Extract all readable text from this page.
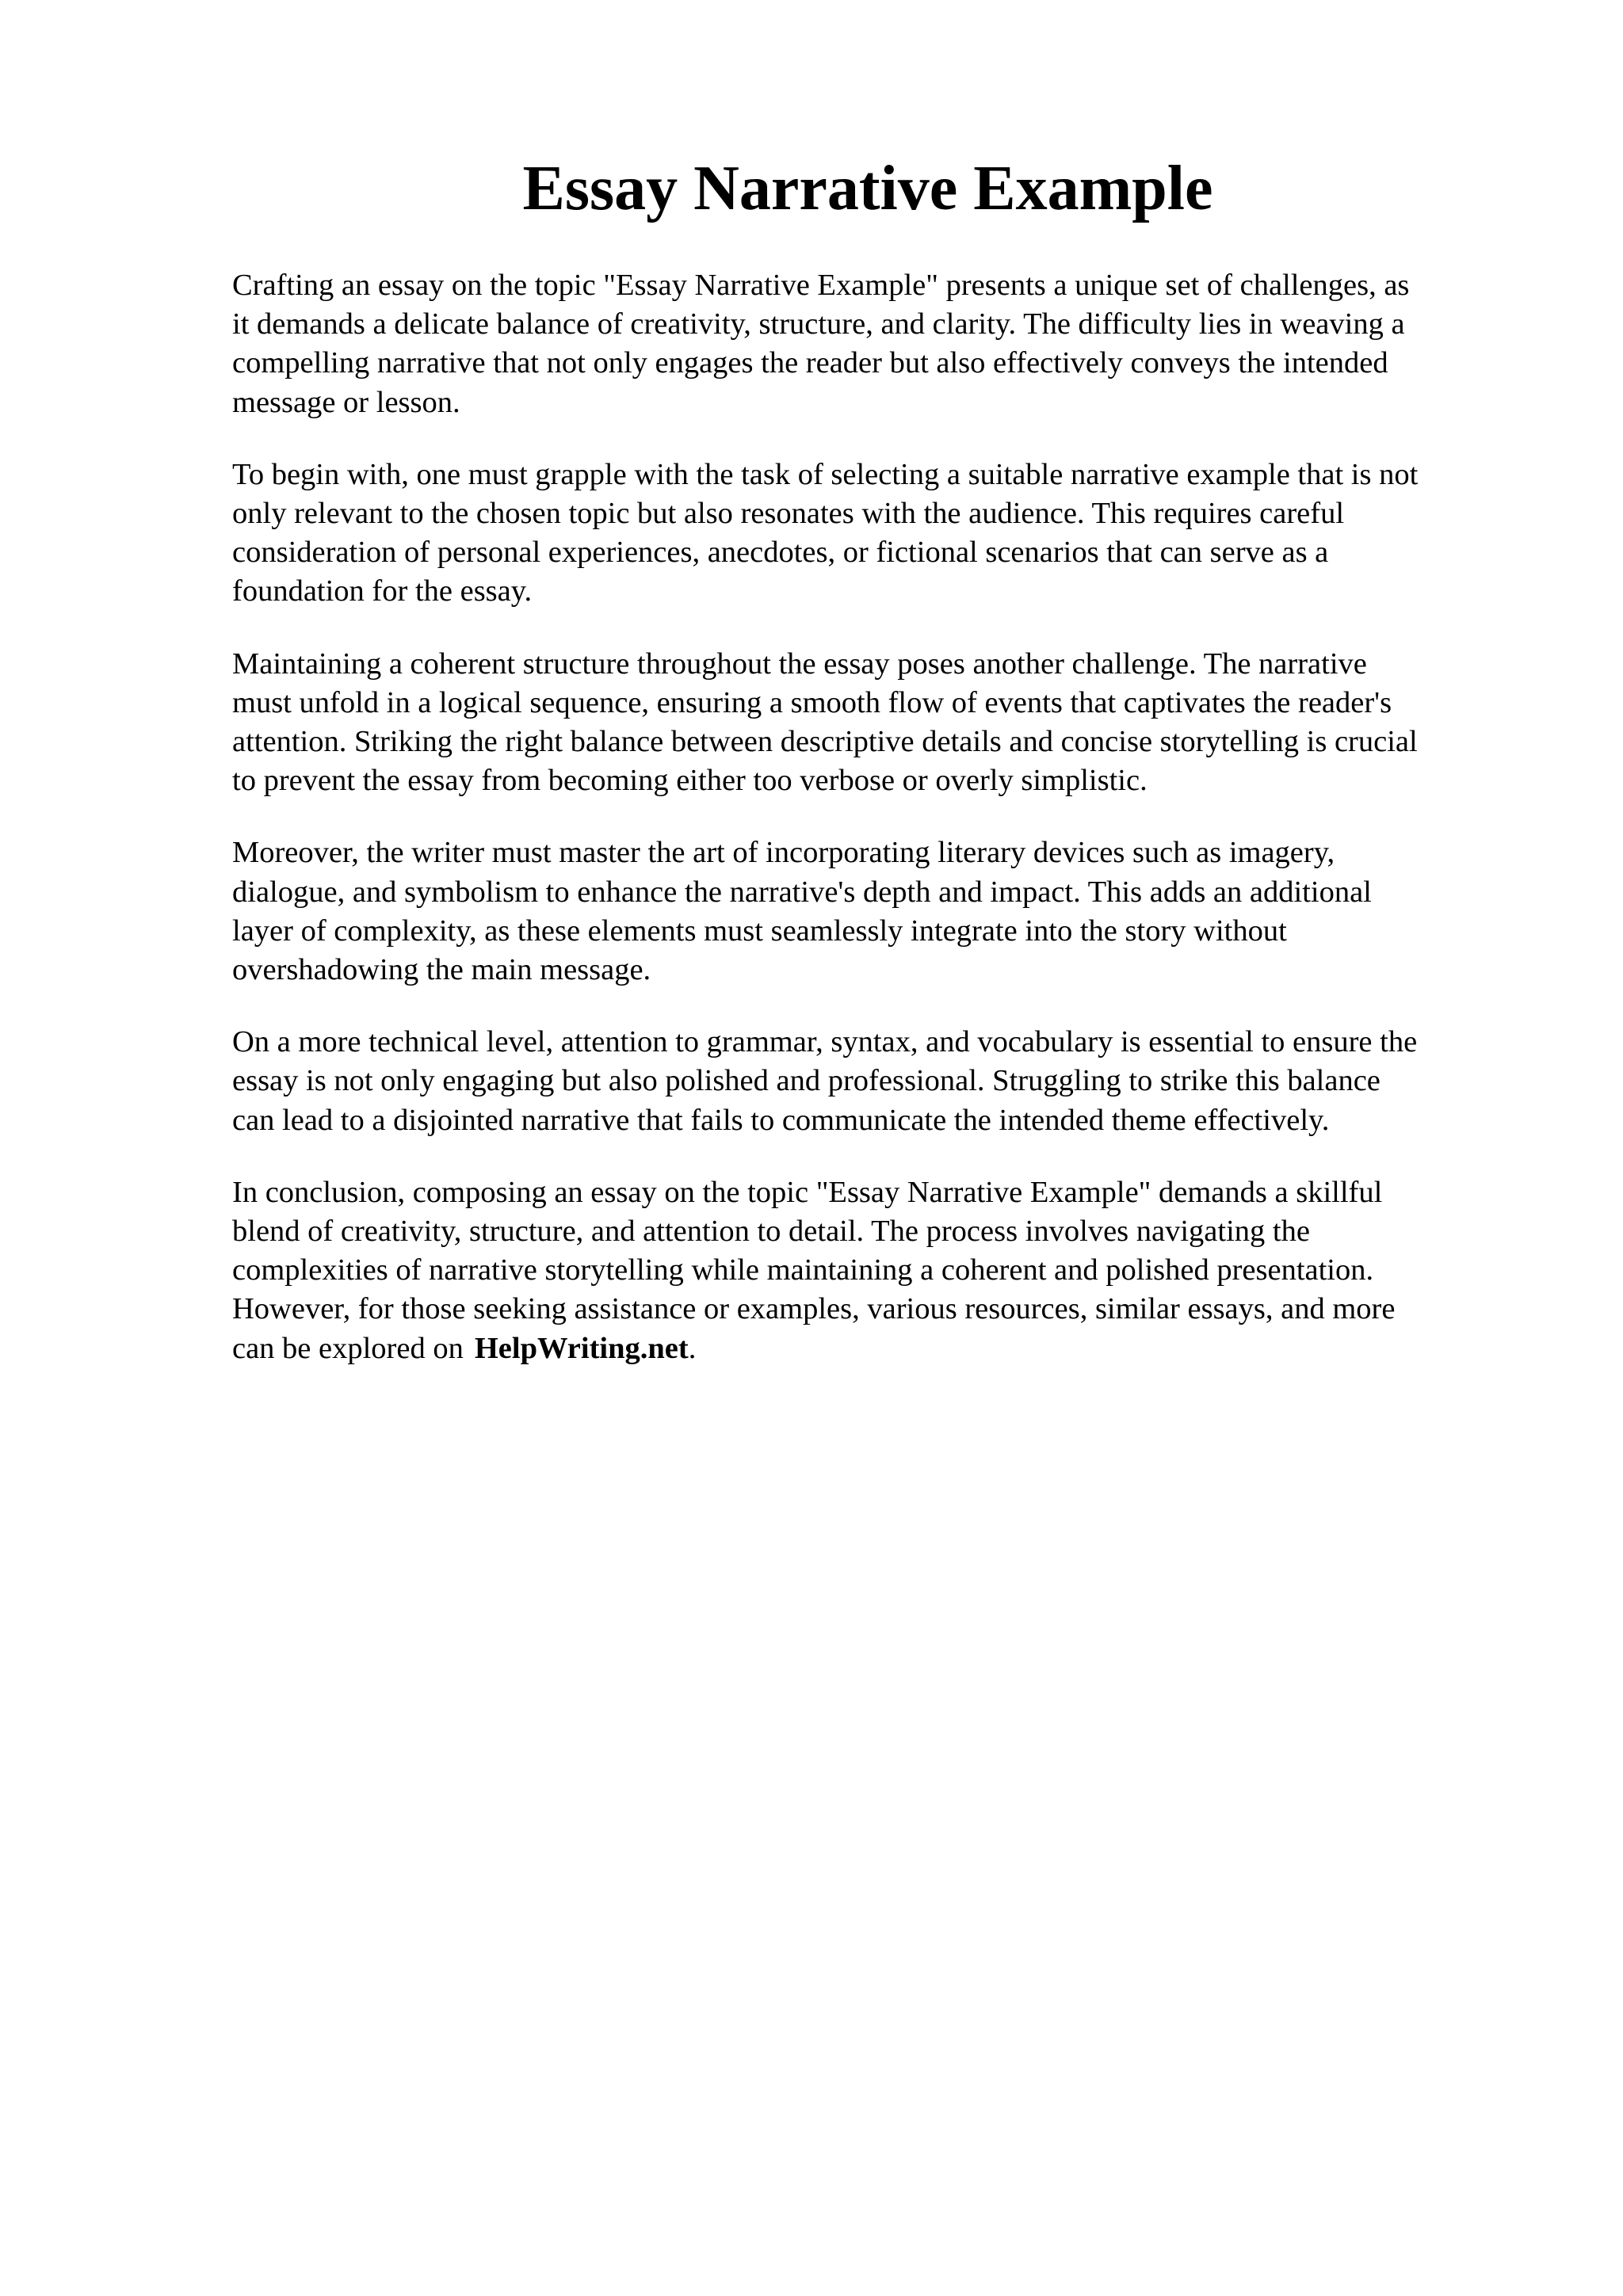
Essay Narrative Example

Crafting an essay on the topic "Essay Narrative Example" presents a unique set of challenges, as
it demands a delicate balance of creativity, structure, and clarity. The difficulty lies in weaving a
compelling narrative that not only engages the reader but also effectively conveys the intended
message or lesson.

To begin with, one must grapple with the task of selecting a suitable narrative example that is not
only relevant to the chosen topic but also resonates with the audience. This requires careful
consideration of personal experiences, anecdotes, or fictional scenarios that can serve as a
foundation for the essay.

Maintaining a coherent structure throughout the essay poses another challenge. The narrative
must unfold in a logical sequence, ensuring a smooth flow of events that captivates the reader's
attention. Striking the right balance between descriptive details and concise storytelling is crucial
to prevent the essay from becoming either too verbose or overly simplistic.

Moreover, the writer must master the art of incorporating literary devices such as imagery,
dialogue, and symbolism to enhance the narrative's depth and impact. This adds an additional
layer of complexity, as these elements must seamlessly integrate into the story without
overshadowing the main message.

On a more technical level, attention to grammar, syntax, and vocabulary is essential to ensure the
essay is not only engaging but also polished and professional. Struggling to strike this balance
can lead to a disjointed narrative that fails to communicate the intended theme effectively.

In conclusion, composing an essay on the topic "Essay Narrative Example" demands a skillful
blend of creativity, structure, and attention to detail. The process involves navigating the
complexities of narrative storytelling while maintaining a coherent and polished presentation.
However, for those seeking assistance or examples, various resources, similar essays, and more
can be explored on HelpWriting.net.
